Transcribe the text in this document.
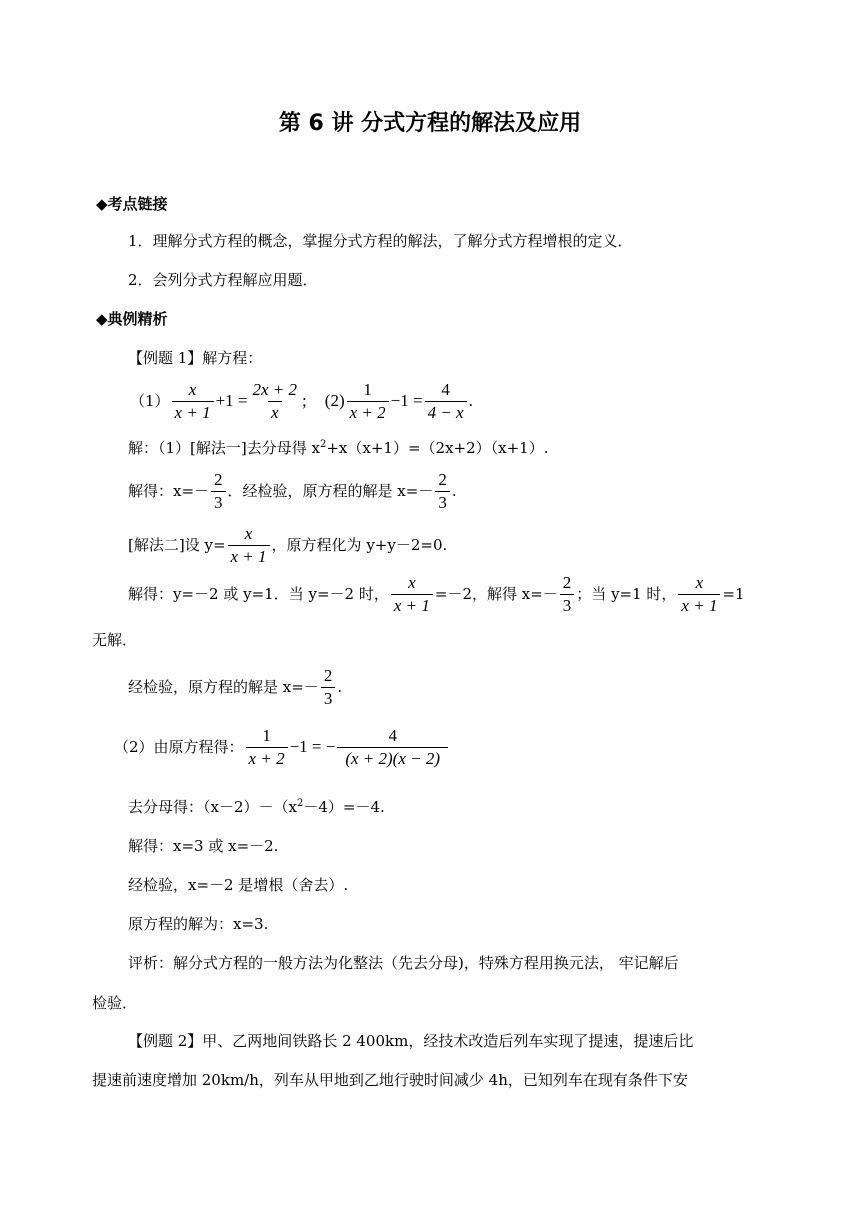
第 6 讲 分式方程的解法及应用
◆考点链接
1．理解分式方程的概念，掌握分式方程的解法，了解分式方程增根的定义．
2．会列分式方程解应用题．
◆典例精析
【例题 1】解方程：
$(1) \frac{x}{x + 1} +1 = \frac{2x + 2}{x}$ ; $(2) \frac{1}{x + 2} -1 = \frac{4}{4 - x}$ .
解：（1）[解法一]去分母得 $x^2+x(x+1)=(2x+2)(x+1)$.
解得：$x=- \frac{2}{3}$ ．经检验，原方程的解是 $x=- \frac{2}{3}$ .
[解法二]设 $y= \frac{x}{x + 1}$ ，原方程化为 y+y－2=0.
解得：y=－2 或 y=1．当 y=－2 时， $\frac{x}{x + 1} =-2$，解得 $x=- \frac{2}{3}$ ；当 y=1 时， $\frac{x}{x + 1} =1$
无解．
经检验，原方程的解是 $x=- \frac{2}{3}$ .
（2）由原方程得： $\frac{1}{x + 2} -1$ = − $\frac{4}{(x + 2)(x - 2)}$
去分母得：$(x-2)-(x^2-4)=-4$.
解得：x=3 或 x=－2.
经检验，x=－2 是增根（舍去）.
原方程的解为：x=3.
评析：解分式方程的一般方法为化整法（先去分母)，特殊方程用换元法， 牢记解后
检验．
【例题 2】甲、乙两地间铁路长 2 400km，经技术改造后列车实现了提速，提速后比
提速前速度增加 20km/h，列车从甲地到乙地行驶时间减少 4h，已知列车在现有条件下安
